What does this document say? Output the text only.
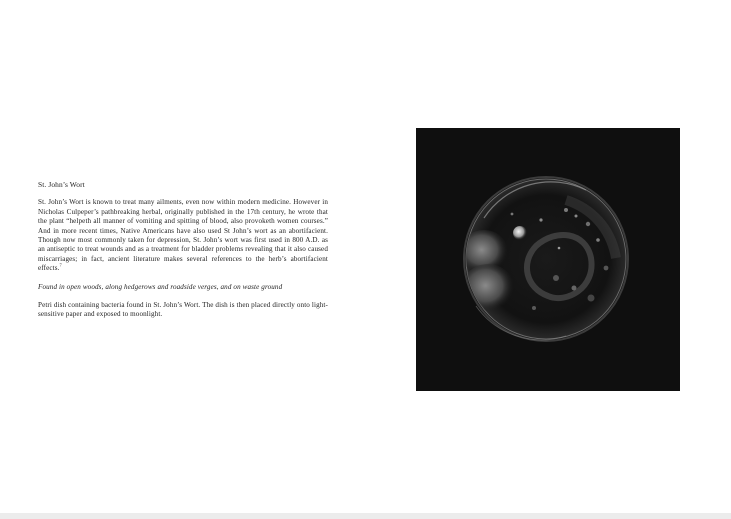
St. John’s Wort

St. John’s Wort is known to treat many ailments, even now within modern medicine. However in Nicholas Culpeper’s pathbreaking herbal, originally published in the 17th century, he wrote that the plant “helpeth all manner of vomiting and spitting of blood, also provoketh women courses.” And in more recent times, Native Americans have also used St John’s wort as an abortifacient. Though now most commonly taken for depression, St. John’s wort was first used in 800 A.D. as an antiseptic to treat wounds and as a treatment for bladder problems revealing that it also caused miscarriages; in fact, ancient literature makes several references to the herb’s abortifacient effects.$^7$

Found in open woods, along hedgerows and roadside verges, and on waste ground

Petri dish containing bacteria found in St. John’s Wort. The dish is then placed directly onto light-sensitive paper and exposed to moonlight.
